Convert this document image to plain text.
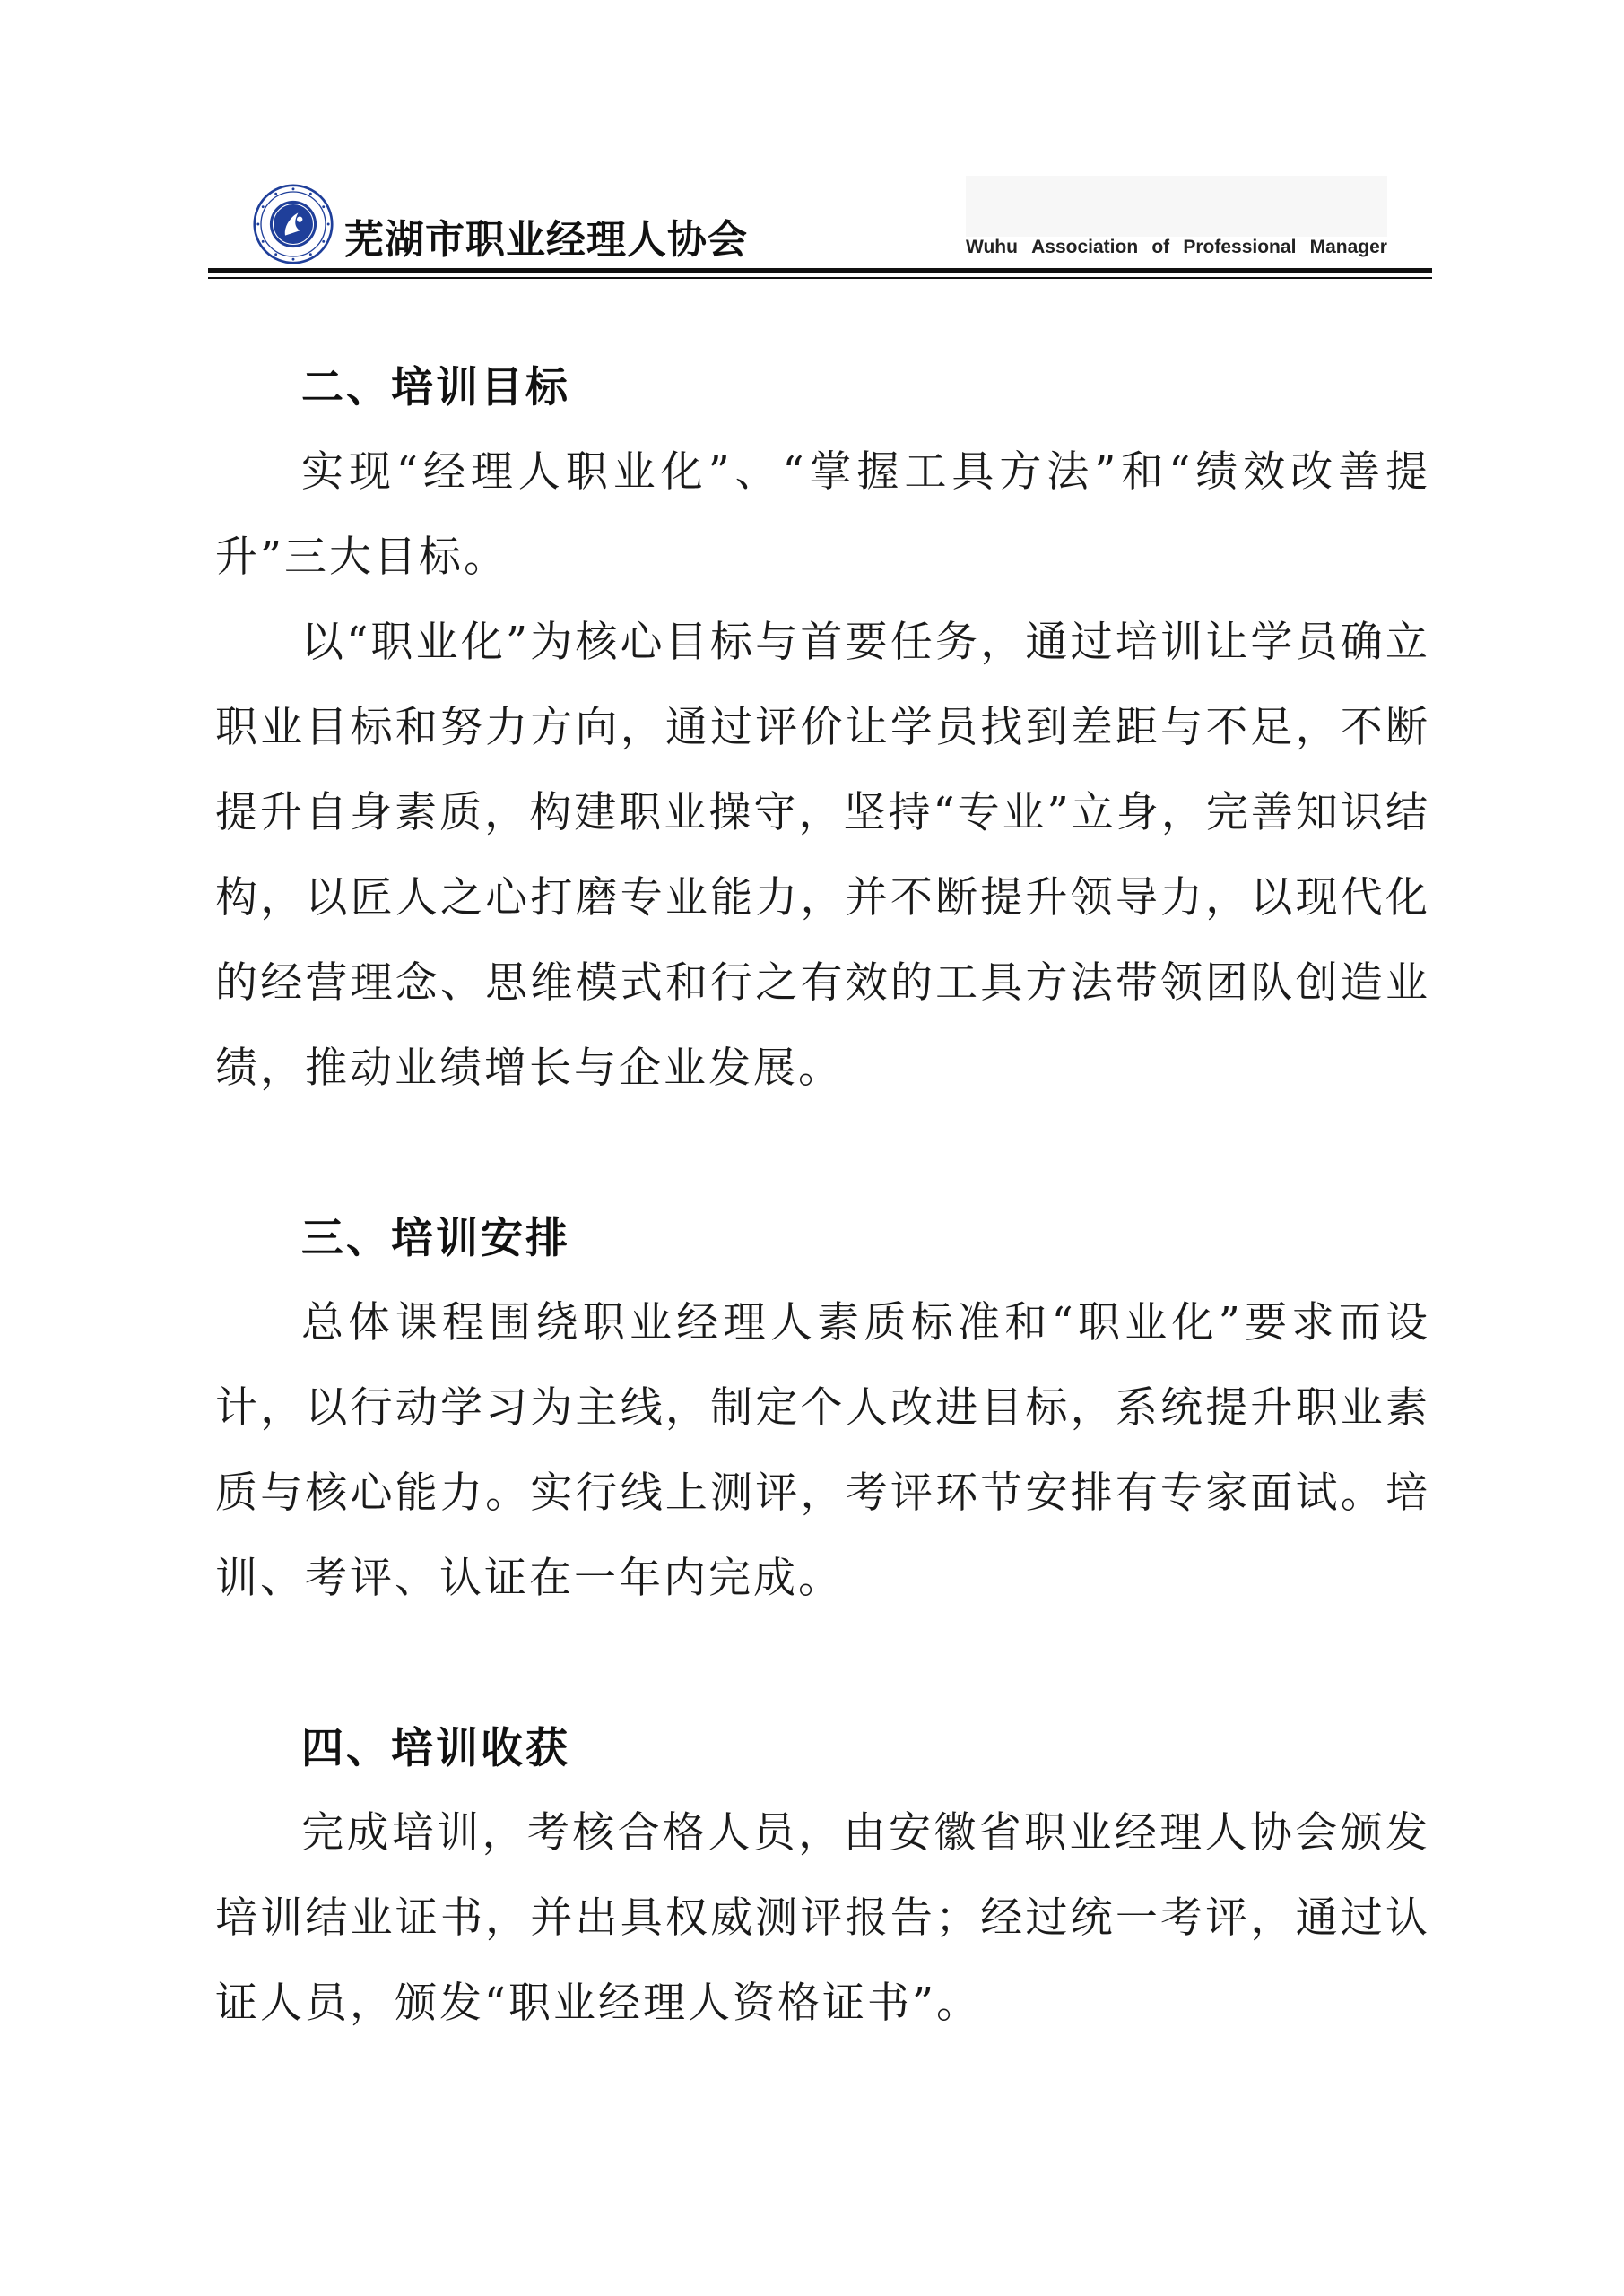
芜湖市职业经理人协会	Wuhu Association of Professional Manager
二、培训目标

实现“经理人职业化”、“掌握工具方法”和“绩效改善提升”三大目标。

以“职业化”为核心目标与首要任务，通过培训让学员确立职业目标和努力方向，通过评价让学员找到差距与不足，不断提升自身素质，构建职业操守，坚持“专业”立身，完善知识结构，以匠人之心打磨专业能力，并不断提升领导力，以现代化的经营理念、思维模式和行之有效的工具方法带领团队创造业绩，推动业绩增长与企业发展。

三、培训安排

总体课程围绕职业经理人素质标准和“职业化”要求而设计，以行动学习为主线，制定个人改进目标，系统提升职业素质与核心能力。实行线上测评，考评环节安排有专家面试。培训、考评、认证在一年内完成。

四、培训收获

完成培训，考核合格人员，由安徽省职业经理人协会颁发培训结业证书，并出具权威测评报告；经过统一考评，通过认证人员，颁发“职业经理人资格证书”。
